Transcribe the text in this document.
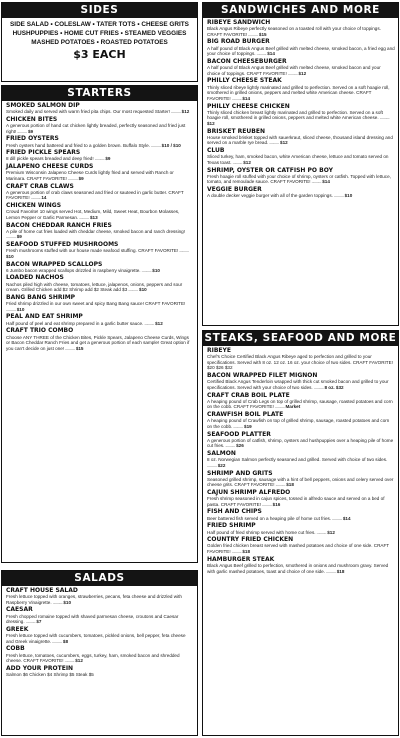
SIDES
SIDE SALAD • COLESLAW • TATER TOTS • CHEESE GRITS
HUSHPUPPIES • HOME CUT FRIES • STEAMED VEGGIES
MASHED POTATOES • ROASTED POTATOES
$3 EACH
STARTERS
SMOKED SALMON DIP
Smoked daily and served with warm fried pita chips. Our most requested Starter! .......... $12
CHICKEN BITES
A generous portion of hand cut chicken lightly breaded, perfectly seasoned and fried just right! .......... $9
FRIED OYSTERS
Fresh oysters hand battered and fried to a golden brown. Buffalo Style. .......... $10 / $10
FRIED PICKLE SPEARS
8 dill pickle spears breaded and deep fried! .......... $9
JALAPENO CHEESE CURDS
Premium Wisconsin Jalapeno Cheese Curds lightly fried and served with Ranch or Marinara. CRAFT FAVORITE! .......... $9
CRAFT CRAB CLAWS
A generous portion of crab claws seasoned and fried or sauteed in garlic butter. CRAFT FAVORITE! .......... 14
CHICKEN WINGS
Crowd Favorite! 10 wings served Hot, Medium, Mild, Sweet Heat, Bourbon Molasses, Lemon Pepper or Garlic Parmesan. .......... $13
BACON CHEDDAR RANCH FRIES
A pile of home cut fries loaded with cheddar cheese, smoked bacon and ranch dressing! .......... $9
SEAFOOD STUFFED MUSHROOMS
Fresh mushrooms stuffed with our house made seafood stuffing. CRAFT FAVORITE! .......... $10
BACON WRAPPED SCALLOPS
6 Jumbo bacon wrapped scallops drizzled in raspberry vinaigrette. .......... $10
LOADED NACHOS
Nachos piled high with cheese, tomatoes, lettuce, jalapenos, onions, peppers and sour cream. Grilled Chicken add $2 Shrimp add $2 Steak add $3 .......... $10
BANG BANG SHRIMP
Fried shrimp drizzled in our own sweet and spicy Bang Bang sauce! CRAFT FAVORITE! .......... $10
PEAL AND EAT SHRIMP
Half pound of peel and eat shrimp prepared in a garlic butter sauce. .......... $12
CRAFT TRIO COMBO
Choose ANY THREE of the Chicken Bites, Pickle Spears, Jalapeno Cheese Curds, Wings or Bacon Cheddar Ranch Fries and get a generous portion of each sample! Great option if you can't decide on just one! .......... $15
SALADS
CRAFT HOUSE SALAD
Fresh lettuce topped with oranges, strawberries, pecans, feta cheese and drizzled with Raspberry Vinaigrette. .......... $10
CAESAR
Fresh chopped romaine topped with shaved parmesan cheese, croutons and Caesar dressing. .......... $7
GREEK
Fresh lettuce topped with cucumbers, tomatoes, pickled onions, bell pepper, feta cheese and Greek vinaigrette. .......... $8
COBB
Fresh lettuce, tomatoes, cucumbers, eggs, turkey, ham, smoked bacon and shredded cheese. CRAFT FAVORITE! .......... $12
ADD YOUR PROTEIN
Salmon $6 Chicken $4 Shrimp $5 Steak $5
SANDWICHES AND MORE
RIBEYE SANDWICH
Black Angus Ribeye perfectly seasoned on a toasted roll with your choice of toppings. CRAFT FAVORITE! .......... $15
BIG ROAD BURGER
A half pound of Black Angus Beef grilled with melted cheese, smoked bacon, a fried egg and your choice of toppings. .......... $14
BACON CHEESEBURGER
A half pound of Black Angus Beef grilled with melted cheese, smoked bacon and your choice of toppings. CRAFT FAVORITE! .......... $12
PHILLY CHEESE STEAK
Thinly sliced ribeye lightly marinated and grilled to perfection. Served on a soft hoagie roll, smothered in grilled onions, peppers and melted white American cheese. CRAFT FAVORITE! .......... $14
PHILLY CHEESE CHICKEN
Thinly sliced chicken breast lightly marinated and grilled to perfection. Served on a soft hoagie roll, smothered in grilled onions, peppers and melted white American cheese. .......... $12
BRISKET REUBEN
House smoked brisket topped with sauerkraut, sliced cheese, thousand island dressing and served on a marble rye bread. .......... $12
CLUB
Sliced turkey, ham, smoked bacon, white American cheese, lettuce and tomato served on Texas toast. .......... $12
SHRIMP, OYSTER OR CATFISH PO BOY
Fresh hoagie roll stuffed with your choice of shrimp, oysters or catfish. Topped with lettuce, tomato, and remoulade sauce. CRAFT FAVORITE! .......... $14
VEGGIE BURGER
A double decker veggie burger with all of the garden toppings. .......... $10
STEAKS, SEAFOOD AND MORE
RIBEYE
Chef's Choice Certified Black Angus Ribeye aged to perfection and grilled to your specifications. Served with 8 oz. 12 oz. 16 oz. your choice of two sides. CRAFT FAVORITE! $20 $26 $32
BACON WRAPPED FILET MIGNON
Certified Black Angus Tenderloin wrapped with thick cut smoked bacon and grilled to your specifications. Served with your choice of two sides. .......... 8 oz. $32
CRAFT CRAB BOIL PLATE
A heaping pound of Crab Legs on top of grilled shrimp, sausage, roasted potatoes and corn on the cobb. CRAFT FAVORITE! .......... Market
CRAWFISH BOIL PLATE
A heaping pound of Crawfish on top of grilled shrimp, sausage, roasted potatoes and corn on the cobb. .......... $19
SEAFOOD PLATTER
A generous portion of catfish, shrimp, oysters and hushpuppies over a heaping pile of home cut fries. .......... $26
SALMON
8 oz. Norwegian Salmon perfectly seasoned and grilled. Served with choice of two sides. .......... $22
SHRIMP AND GRITS
Seasoned grilled shrimp, sausage with a hint of bell peppers, onions and celery served over cheese grits. CRAFT FAVORITE! .......... $18
CAJUN SHRIMP ALFREDO
Fresh shrimp seasoned in cajun spices, tossed in alfredo sauce and served on a bed of pasta. CRAFT FAVORITE! .......... $16
FISH AND CHIPS
Beer battered fish served on a heaping pile of home cut fries. .......... $14
FRIED SHRIMP
Half pound of fried shrimp served with home cut fries. .......... $12
COUNTRY FRIED CHICKEN
Golden fried chicken breast served with mashed potatoes and choice of one side. CRAFT FAVORITE! .......... $18
HAMBURGER STEAK
Black Angus Beef grilled to perfection, smothered in onions and mushroom gravy. Served with garlic mashed potatoes, toast and choice of one side. .......... $18
